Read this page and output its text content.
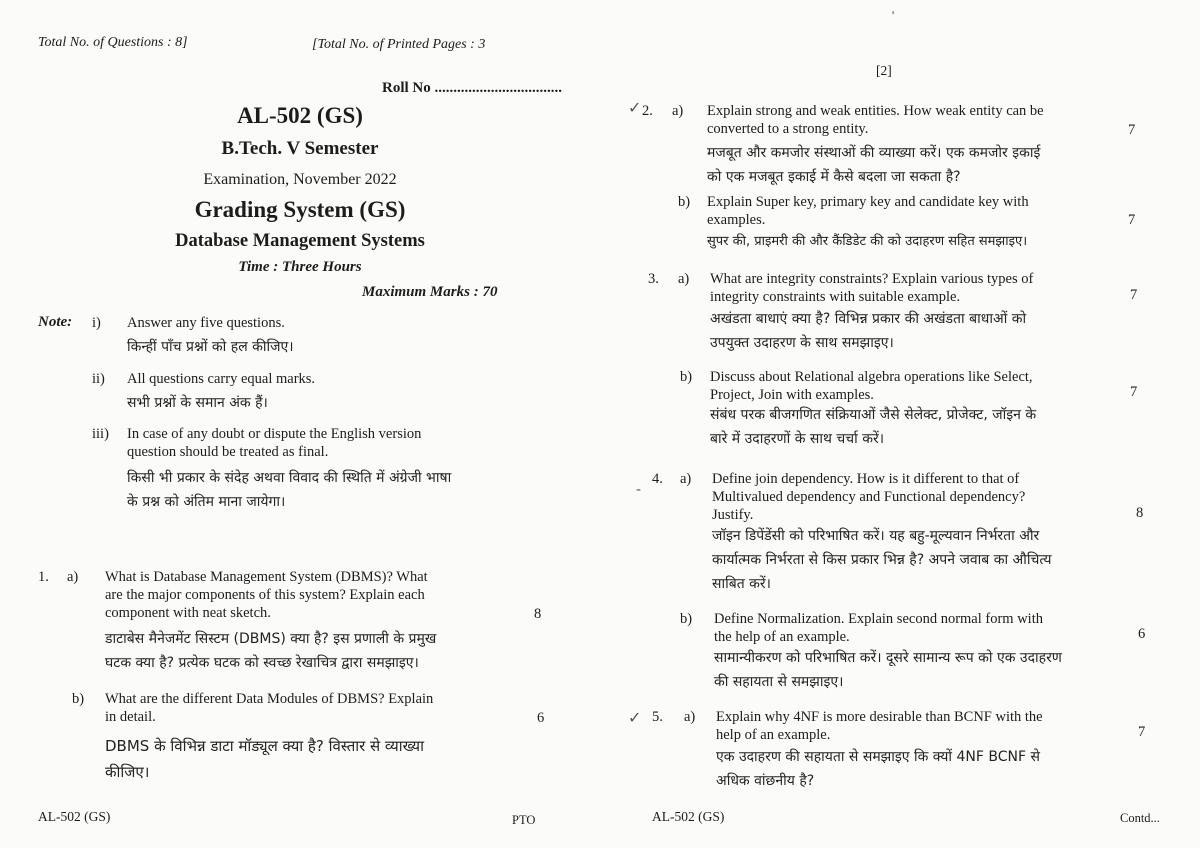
Total No. of Questions : 8]	[Total No. of Printed Pages : 3
Roll No ..................................
AL-502 (GS)
B.Tech. V Semester
Examination, November 2022
Grading System (GS)
Database Management Systems
Time : Three Hours
Maximum Marks : 70
Note: i) Answer any five questions.
किन्हीं पाँच प्रश्नों को हल कीजिए।
ii) All questions carry equal marks.
सभी प्रश्नों के समान अंक हैं।
iii) In case of any doubt or dispute the English version
question should be treated as final.
किसी भी प्रकार के संदेह अथवा विवाद की स्थिति में अंग्रेजी भाषा
के प्रश्न को अंतिम माना जायेगा।
1. a) What is Database Management System (DBMS)? What
are the major components of this system? Explain each
component with neat sketch.	8
डाटाबेस मैनेजमेंट सिस्टम (DBMS) क्या है? इस प्रणाली के प्रमुख
घटक क्या है? प्रत्येक घटक को स्वच्छ रेखाचित्र द्वारा समझाइए।
b) What are the different Data Modules of DBMS? Explain
in detail.	6
DBMS के विभिन्न डाटा मॉड्यूल क्या है? विस्तार से व्याख्या
कीजिए।
AL-502 (GS)	PTO
'
[2]
✓ 2. a) Explain strong and weak entities. How weak entity can be
converted to a strong entity.	7
मजबूत और कमजोर संस्थाओं की व्याख्या करें। एक कमजोर इकाई
को एक मजबूत इकाई में कैसे बदला जा सकता है?
b) Explain Super key, primary key and candidate key with
examples.	7
सुपर की, प्राइमरी की और कैंडिडेट की को उदाहरण सहित समझाइए।
3. a) What are integrity constraints? Explain various types of
integrity constraints with suitable example.	7
अखंडता बाधाएं क्या है? विभिन्न प्रकार की अखंडता बाधाओं को
उपयुक्त उदाहरण के साथ समझाइए।
b) Discuss about Relational algebra operations like Select,
Project, Join with examples.	7
संबंध परक बीजगणित संक्रियाओं जैसे सेलेक्ट, प्रोजेक्ट, जॉइन के
बारे में उदाहरणों के साथ चर्चा करें।
4. a) Define join dependency. How is it different to that of
Multivalued dependency and Functional dependency?
Justify.	8
जॉइन डिपेंडेंसी को परिभाषित करें। यह बहु-मूल्यवान निर्भरता और
कार्यात्मक निर्भरता से किस प्रकार भिन्न है? अपने जवाब का औचित्य
साबित करें।
b) Define Normalization. Explain second normal form with
the help of an example.	6
सामान्यीकरण को परिभाषित करें। दूसरे सामान्य रूप को एक उदाहरण
की सहायता से समझाइए।
-
✓ 5. a) Explain why 4NF is more desirable than BCNF with the
help of an example.	7
एक उदाहरण की सहायता से समझाइए कि क्यों 4NF BCNF से
अधिक वांछनीय है?
AL-502 (GS)	Contd...
